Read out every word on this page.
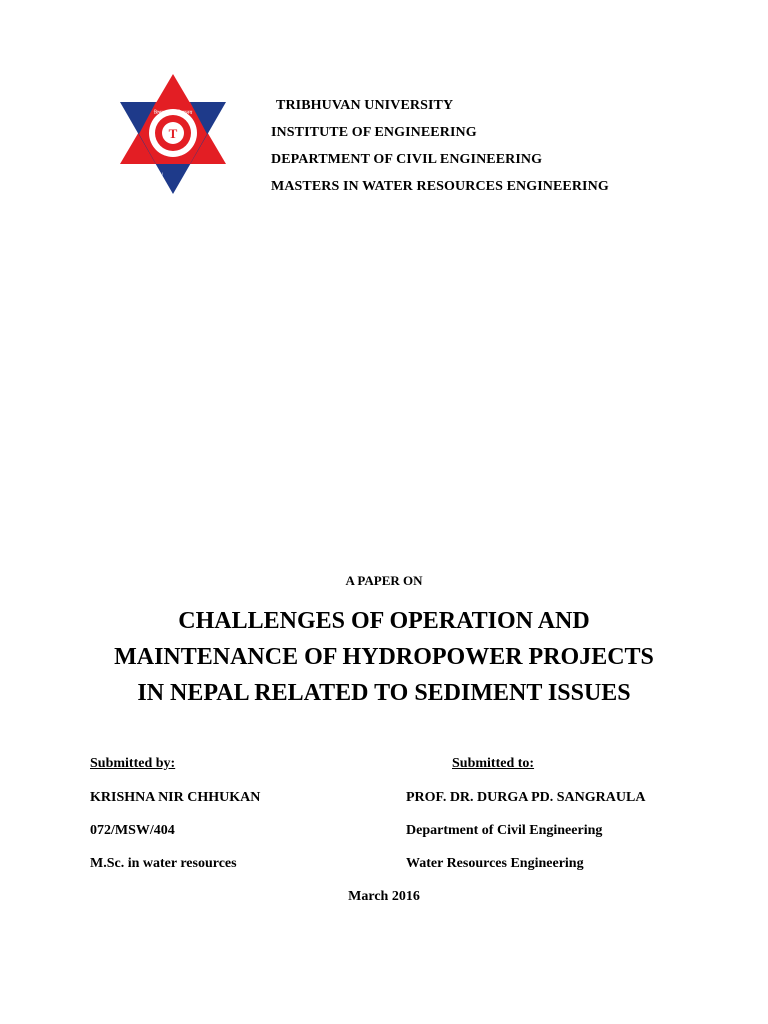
T
त्रिभुवन विश्वविद्यालय
KATHMANDU	NEPAL
TRIBHUVAN UNIVERSITY
INSTITUTE OF ENGINEERING
DEPARTMENT OF CIVIL ENGINEERING
MASTERS IN WATER RESOURCES ENGINEERING
A PAPER ON
CHALLENGES OF OPERATION AND
MAINTENANCE OF HYDROPOWER PROJECTS
IN NEPAL RELATED TO SEDIMENT ISSUES
Submitted by:
KRISHNA NIR CHHUKAN
072/MSW/404
M.Sc. in water resources
Submitted to:
PROF. DR. DURGA PD. SANGRAULA
Department of Civil Engineering
Water Resources Engineering
March 2016
